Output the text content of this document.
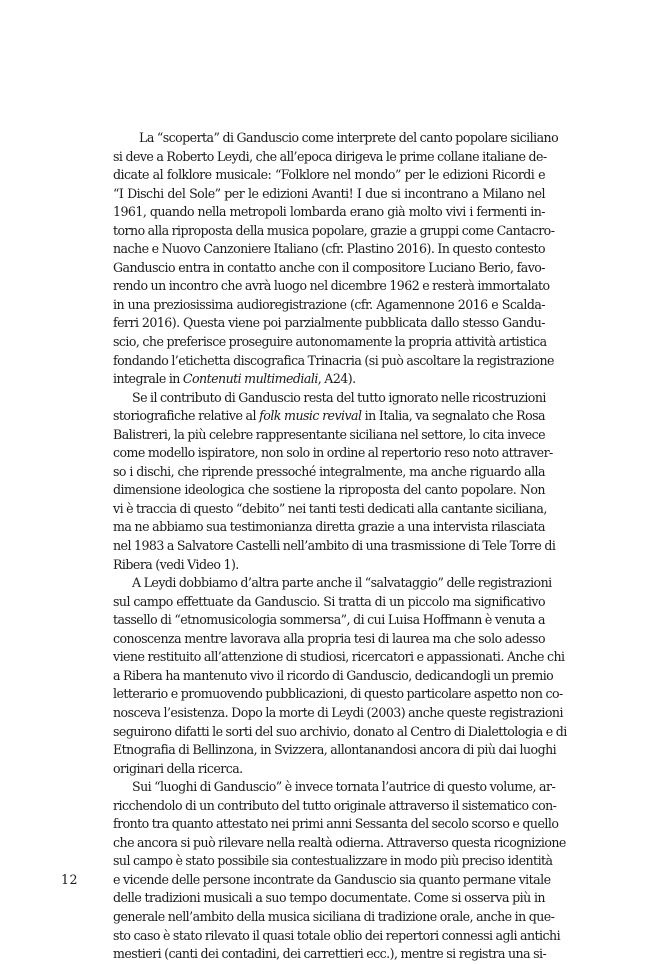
La “scoperta” di Ganduscio come interprete del canto popolare siciliano
si deve a Roberto Leydi, che all’epoca dirigeva le prime collane italiane de-
dicate al folklore musicale: “Folklore nel mondo” per le edizioni Ricordi e
“I Dischi del Sole” per le edizioni Avanti! I due si incontrano a Milano nel
1961, quando nella metropoli lombarda erano già molto vivi i fermenti in-
torno alla riproposta della musica popolare, grazie a gruppi come Cantacro-
nache e Nuovo Canzoniere Italiano (cfr. Plastino 2016). In questo contesto
Ganduscio entra in contatto anche con il compositore Luciano Berio, favo-
rendo un incontro che avrà luogo nel dicembre 1962 e resterà immortalato
in una preziosissima audioregistrazione (cfr. Agamennone 2016 e Scalda-
ferri 2016). Questa viene poi parzialmente pubblicata dallo stesso Gandu-
scio, che preferisce proseguire autonomamente la propria attività artistica
fondando l’etichetta discografica Trinacria (si può ascoltare la registrazione
integrale in Contenuti multimediali, A24).

Se il contributo di Ganduscio resta del tutto ignorato nelle ricostruzioni
storiografiche relative al folk music revival in Italia, va segnalato che Rosa
Balistreri, la più celebre rappresentante siciliana nel settore, lo cita invece
come modello ispiratore, non solo in ordine al repertorio reso noto attraver-
so i dischi, che riprende pressoché integralmente, ma anche riguardo alla
dimensione ideologica che sostiene la riproposta del canto popolare. Non
vi è traccia di questo “debito” nei tanti testi dedicati alla cantante siciliana,
ma ne abbiamo sua testimonianza diretta grazie a una intervista rilasciata
nel 1983 a Salvatore Castelli nell’ambito di una trasmissione di Tele Torre di
Ribera (vedi Video 1).

A Leydi dobbiamo d’altra parte anche il “salvataggio” delle registrazioni
sul campo effettuate da Ganduscio. Si tratta di un piccolo ma significativo
tassello di “etnomusicologia sommersa”, di cui Luisa Hoffmann è venuta a
conoscenza mentre lavorava alla propria tesi di laurea ma che solo adesso
viene restituito all’attenzione di studiosi, ricercatori e appassionati. Anche chi
a Ribera ha mantenuto vivo il ricordo di Ganduscio, dedicandogli un premio
letterario e promuovendo pubblicazioni, di questo particolare aspetto non co-
nosceva l’esistenza. Dopo la morte di Leydi (2003) anche queste registrazioni
seguirono difatti le sorti del suo archivio, donato al Centro di Dialettologia e di
Etnografia di Bellinzona, in Svizzera, allontanandosi ancora di più dai luoghi
originari della ricerca.

Sui “luoghi di Ganduscio” è invece tornata l’autrice di questo volume, ar-
ricchendolo di un contributo del tutto originale attraverso il sistematico con-
fronto tra quanto attestato nei primi anni Sessanta del secolo scorso e quello
che ancora si può rilevare nella realtà odierna. Attraverso questa ricognizione
sul campo è stato possibile sia contestualizzare in modo più preciso identità
e vicende delle persone incontrate da Ganduscio sia quanto permane vitale
delle tradizioni musicali a suo tempo documentate. Come si osserva più in
generale nell’ambito della musica siciliana di tradizione orale, anche in que-
sto caso è stato rilevato il quasi totale oblio dei repertori connessi agli antichi
mestieri (canti dei contadini, dei carrettieri ecc.), mentre si registra una si-

12
